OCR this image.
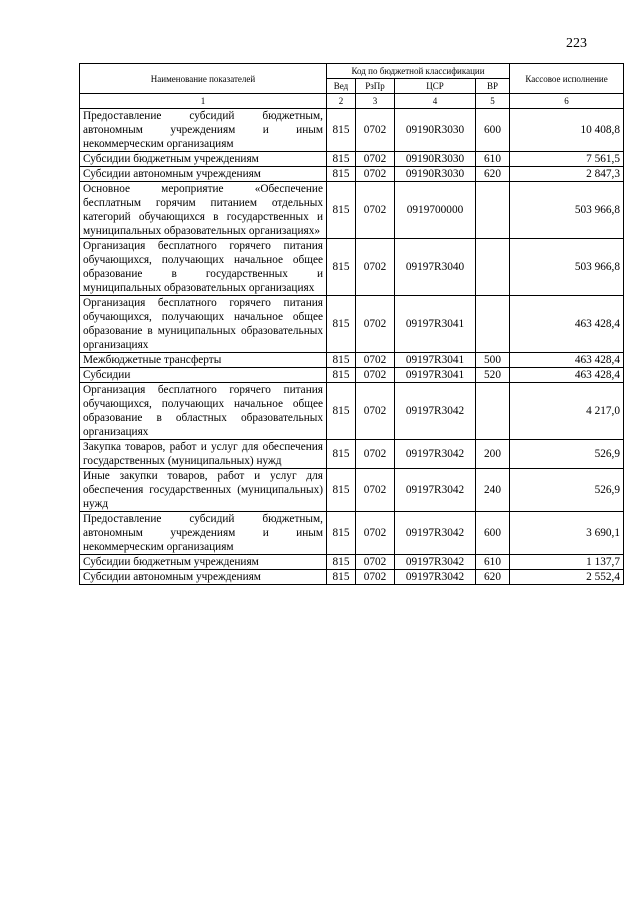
223
Наименование показателей	Код по бюджетной классификации				Кассовое исполнение
	Вед	РзПр	ЦСР	ВР	
1	2	3	4	5	6
Предоставление субсидий бюджетным, автономным учреждениям и иным некоммерческим организациям	815	0702	09190R3030	600	10 408,8
Субсидии бюджетным учреждениям	815	0702	09190R3030	610	7 561,5
Субсидии автономным учреждениям	815	0702	09190R3030	620	2 847,3
Основное мероприятие «Обеспечение бесплатным горячим питанием отдельных категорий обучающихся в государственных и муниципальных образовательных организациях»	815	0702	0919700000		503 966,8
Организация бесплатного горячего питания обучающихся, получающих начальное общее образование в государственных и муниципальных образовательных организациях	815	0702	09197R3040		503 966,8
Организация бесплатного горячего питания обучающихся, получающих начальное общее образование в муниципальных образовательных организациях	815	0702	09197R3041		463 428,4
Межбюджетные трансферты	815	0702	09197R3041	500	463 428,4
Субсидии	815	0702	09197R3041	520	463 428,4
Организация бесплатного горячего питания обучающихся, получающих начальное общее образование в областных образовательных организациях	815	0702	09197R3042		4 217,0
Закупка товаров, работ и услуг для обеспечения государственных (муниципальных) нужд	815	0702	09197R3042	200	526,9
Иные закупки товаров, работ и услуг для обеспечения государственных (муниципальных) нужд	815	0702	09197R3042	240	526,9
Предоставление субсидий бюджетным, автономным учреждениям и иным некоммерческим организациям	815	0702	09197R3042	600	3 690,1
Субсидии бюджетным учреждениям	815	0702	09197R3042	610	1 137,7
Субсидии автономным учреждениям	815	0702	09197R3042	620	2 552,4
